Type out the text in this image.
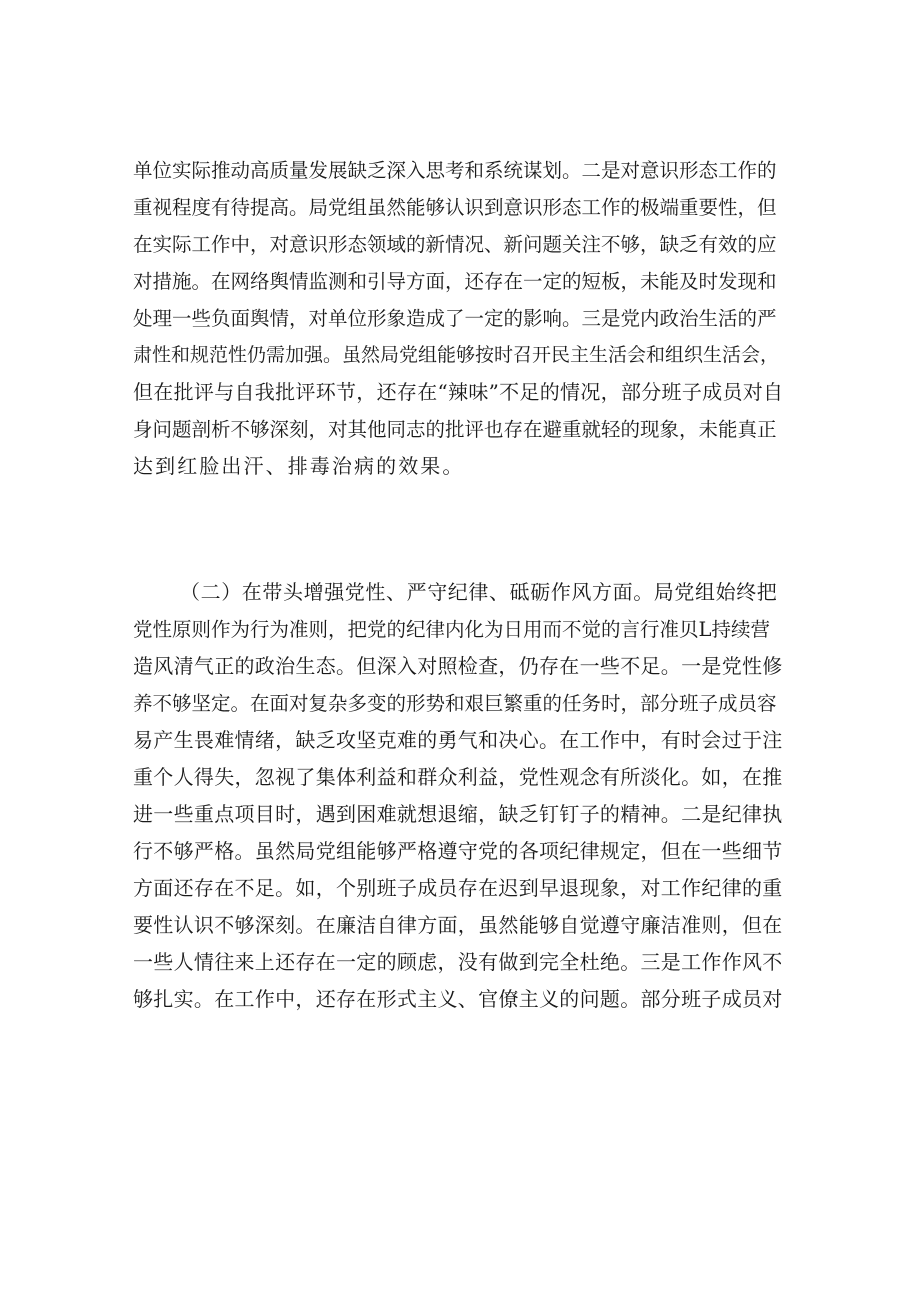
单位实际推动高质量发展缺乏深入思考和系统谋划。二是对意识形态工作的
重视程度有待提高。局党组虽然能够认识到意识形态工作的极端重要性，但
在实际工作中，对意识形态领域的新情况、新问题关注不够，缺乏有效的应
对措施。在网络舆情监测和引导方面，还存在一定的短板，未能及时发现和
处理一些负面舆情，对单位形象造成了一定的影响。三是党内政治生活的严
肃性和规范性仍需加强。虽然局党组能够按时召开民主生活会和组织生活会，
但在批评与自我批评环节，还存在“辣味”不足的情况，部分班子成员对自
身问题剖析不够深刻，对其他同志的批评也存在避重就轻的现象，未能真正
达到红脸出汗、排毒治病的效果。
（二）在带头增强党性、严守纪律、砥砺作风方面。局党组始终把
党性原则作为行为准则，把党的纪律内化为日用而不觉的言行准贝L持续营
造风清气正的政治生态。但深入对照检查，仍存在一些不足。一是党性修
养不够坚定。在面对复杂多变的形势和艰巨繁重的任务时，部分班子成员容
易产生畏难情绪，缺乏攻坚克难的勇气和决心。在工作中，有时会过于注
重个人得失，忽视了集体利益和群众利益，党性观念有所淡化。如，在推
进一些重点项目时，遇到困难就想退缩，缺乏钉钉子的精神。二是纪律执
行不够严格。虽然局党组能够严格遵守党的各项纪律规定，但在一些细节
方面还存在不足。如，个别班子成员存在迟到早退现象，对工作纪律的重
要性认识不够深刻。在廉洁自律方面，虽然能够自觉遵守廉洁准则，但在
一些人情往来上还存在一定的顾虑，没有做到完全杜绝。三是工作作风不
够扎实。在工作中，还存在形式主义、官僚主义的问题。部分班子成员对
